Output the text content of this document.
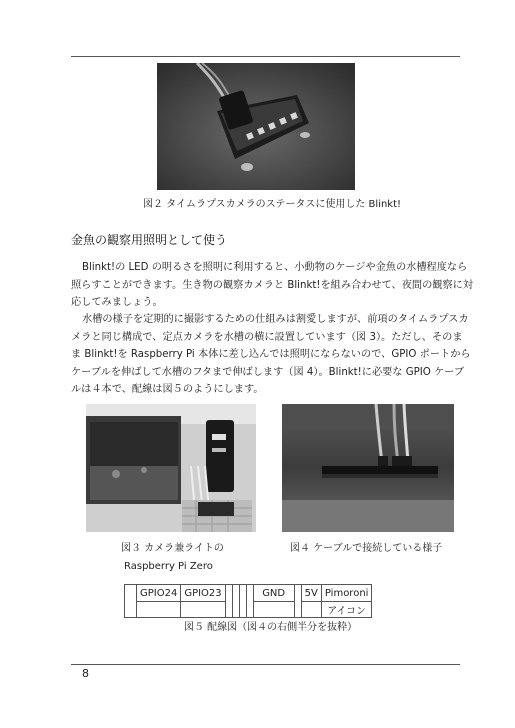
図２ タイムラプスカメラのステータスに使用した Blinkt!
金魚の観察用照明として使う
Blinkt!の LED の明るさを照明に利用すると、小動物のケージや金魚の水槽程度なら
照らすことができます。生き物の観察カメラと Blinkt!を組み合わせて、夜間の観察に対
応してみましょう。
水槽の様子を定期的に撮影するための仕組みは割愛しますが、前項のタイムラプスカ
メラと同じ構成で、定点カメラを水槽の横に設置しています（図 3）。ただし、そのま
ま Blinkt!を Raspberry Pi 本体に差し込んでは照明にならないので、GPIO ポートから
ケーブルを伸ばして水槽のフタまで伸ばします（図 4）。Blinkt!に必要な GPIO ケーブ
ルは４本で、配線は図５のようにします。
図３ カメラ兼ライトの
Raspberry Pi Zero
図４ ケーブルで接続している様子
	GPIO24	GPIO23					GND		5V	Pimoroni
										アイコン
図５ 配線図（図４の右側半分を抜粋）
8
